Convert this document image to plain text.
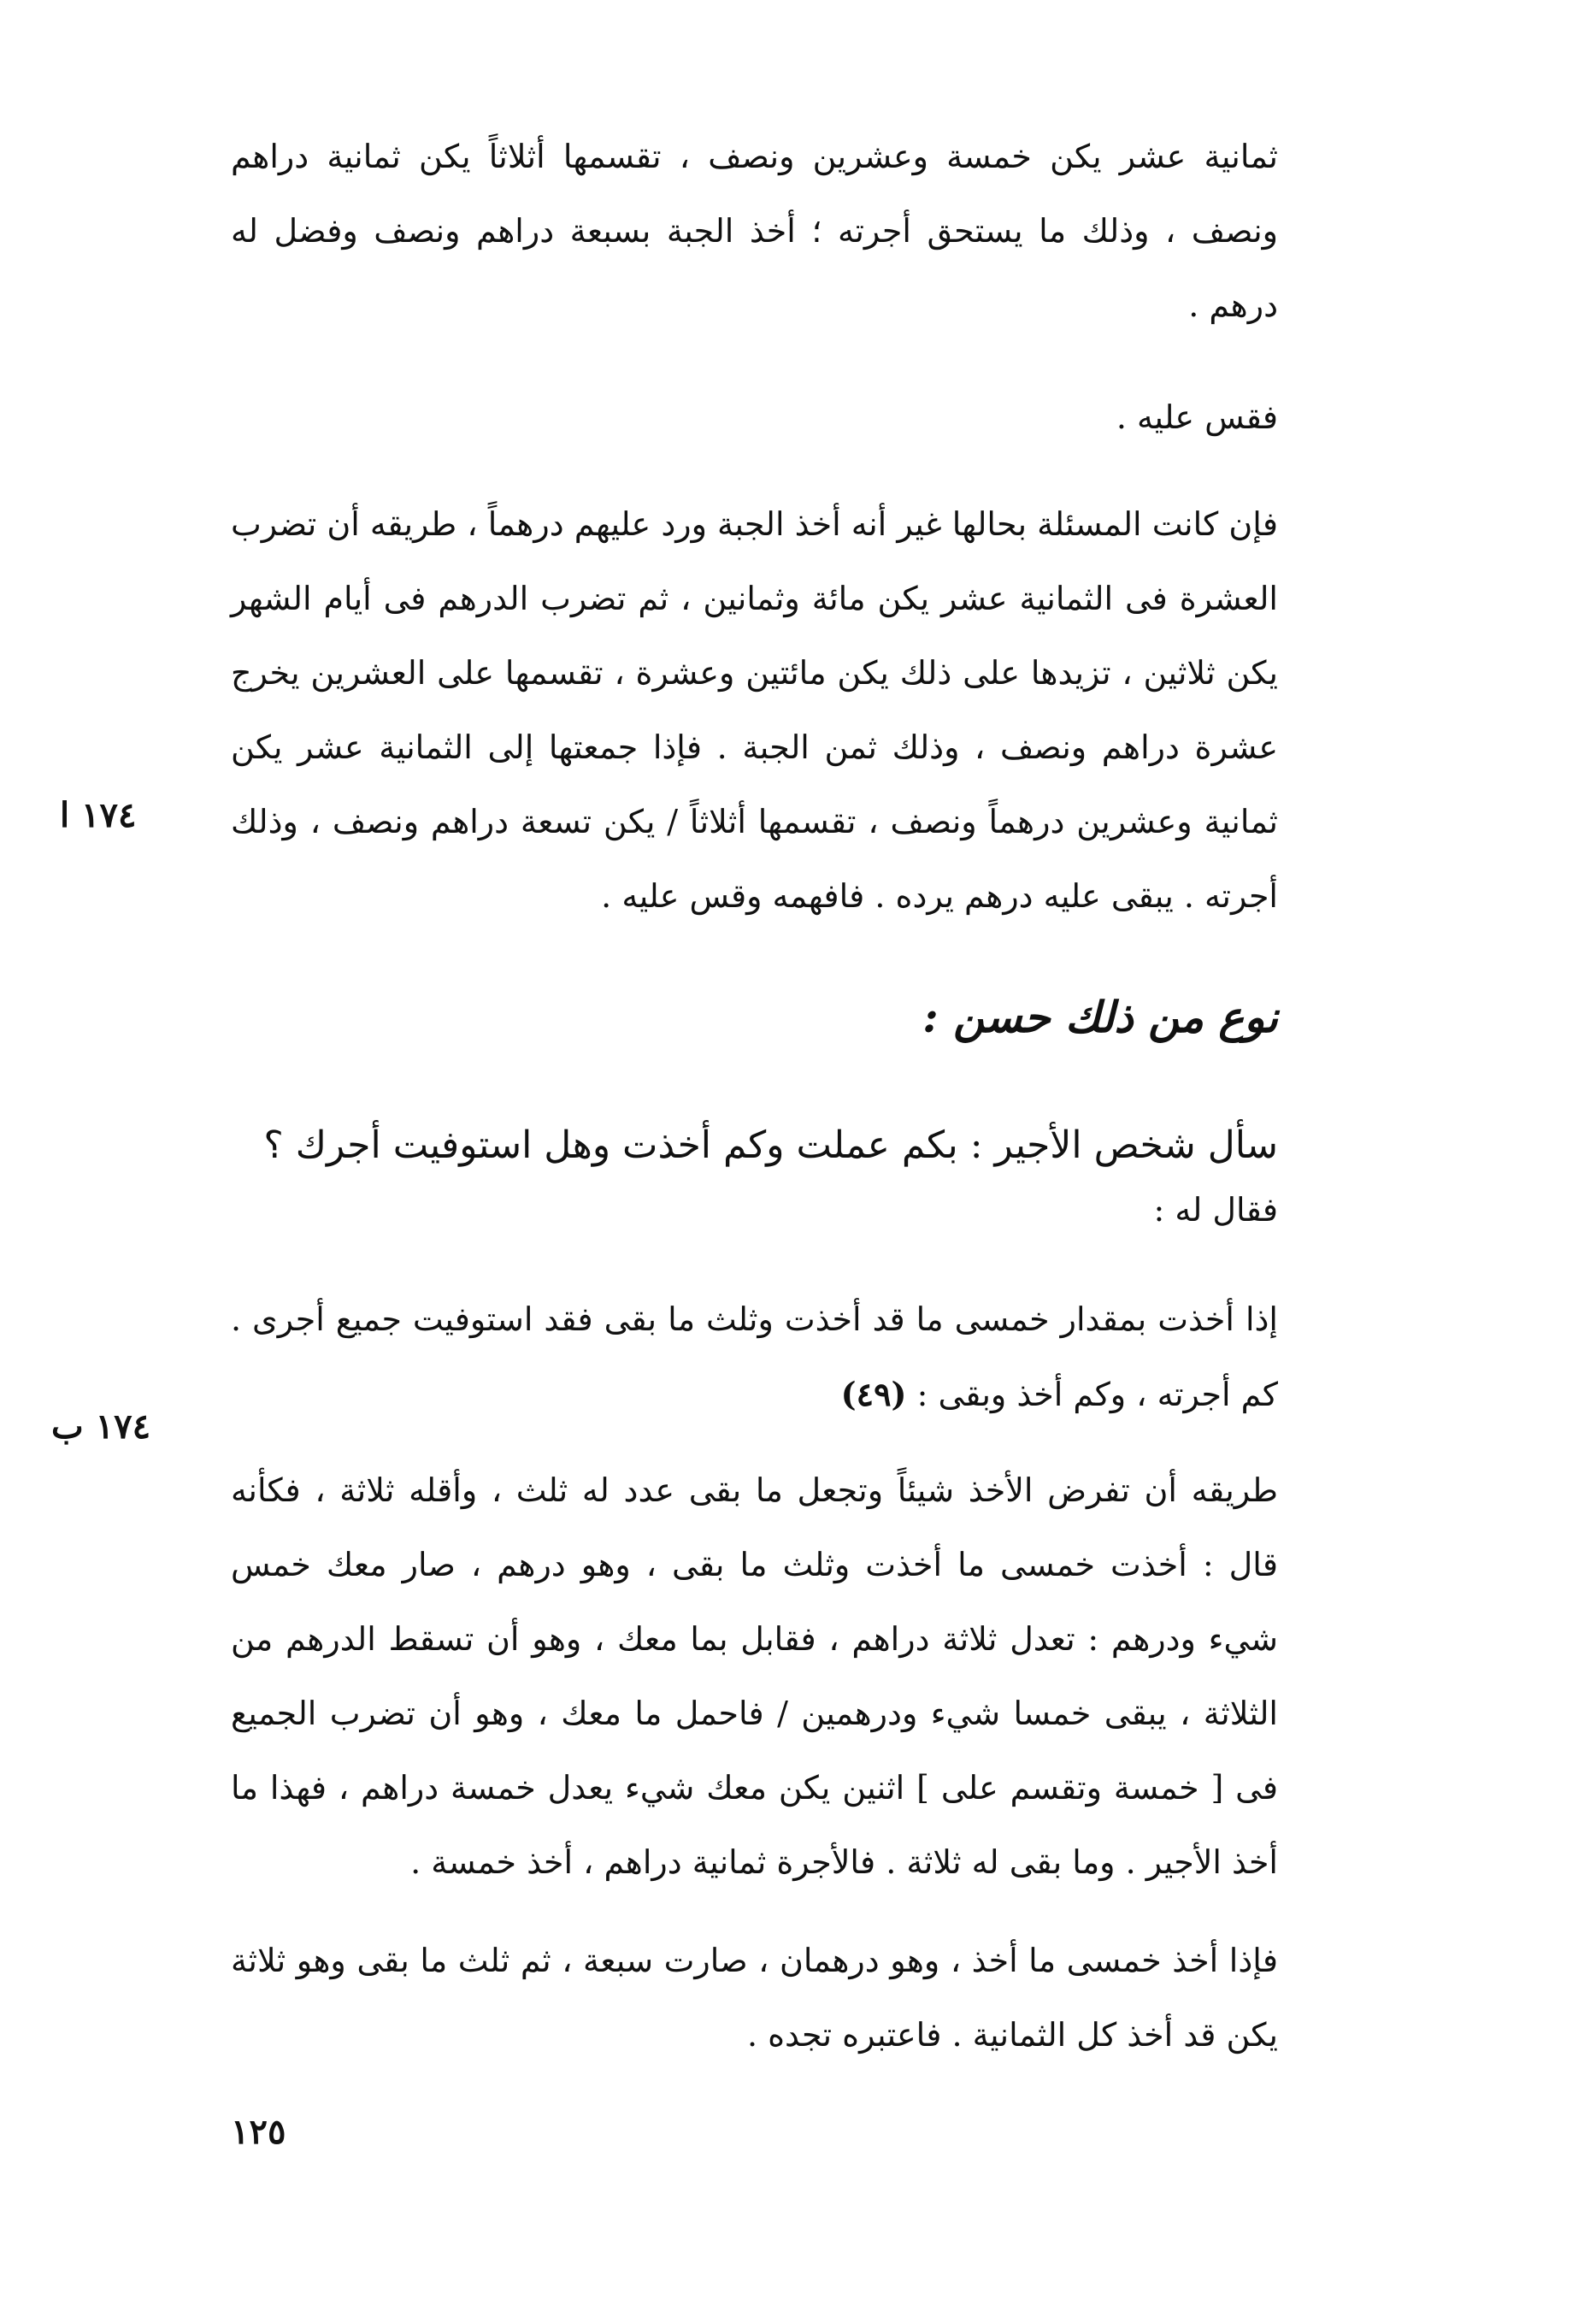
ثمانية عشر يكن خمسة وعشرين ونصف ، تقسمها أثلاثاً يكن ثمانية دراهم ونصف ، وذلك ما يستحق أجرته ؛ أخذ الجبة بسبعة دراهم ونصف وفضل له درهم .

فقس عليه .

فإن كانت المسئلة بحالها غير أنه أخذ الجبة ورد عليهم درهماً ، طريقه أن تضرب العشرة فى الثمانية عشر يكن مائة وثمانين ، ثم تضرب الدرهم فى أيام الشهر يكن ثلاثين ، تزيدها على ذلك يكن مائتين وعشرة ، تقسمها على العشرين يخرج عشرة دراهم ونصف ، وذلك ثمن الجبة . فإذا جمعتها إلى الثمانية عشر يكن ثمانية وعشرين درهماً ونصف ، تقسمها أثلاثاً / يكن تسعة دراهم ونصف ، وذلك أجرته . يبقى عليه درهم يرده . فافهمه وقس عليه .

١٧٤ ا
نوع من ذلك حسن :

سأل شخص الأجير : بكم عملت وكم أخذت وهل استوفيت أجرك ؟

فقال له :

إذا أخذت بمقدار خمسى ما قد أخذت وثلث ما بقى فقد استوفيت جميع أجرى . كم أجرته ، وكم أخذ وبقى : (٤٩)

طريقه أن تفرض الأخذ شيئاً وتجعل ما بقى عدد له ثلث ، وأقله ثلاثة ، فكأنه قال : أخذت خمسى ما أخذت وثلث ما بقى ، وهو درهم ، صار معك خمس شيء ودرهم : تعدل ثلاثة دراهم ، فقابل بما معك ، وهو أن تسقط الدرهم من الثلاثة ، يبقى خمسا شيء ودرهمين / فاحمل ما معك ، وهو أن تضرب الجميع فى [ خمسة وتقسم على ] اثنين يكن معك شيء يعدل خمسة دراهم ، فهذا ما أخذ الأجير . وما بقى له ثلاثة . فالأجرة ثمانية دراهم ، أخذ خمسة .

١٧٤ ب

فإذا أخذ خمسى ما أخذ ، وهو درهمان ، صارت سبعة ، ثم ثلث ما بقى وهو ثلاثة يكن قد أخذ كل الثمانية . فاعتبره تجده .

١٢٥
